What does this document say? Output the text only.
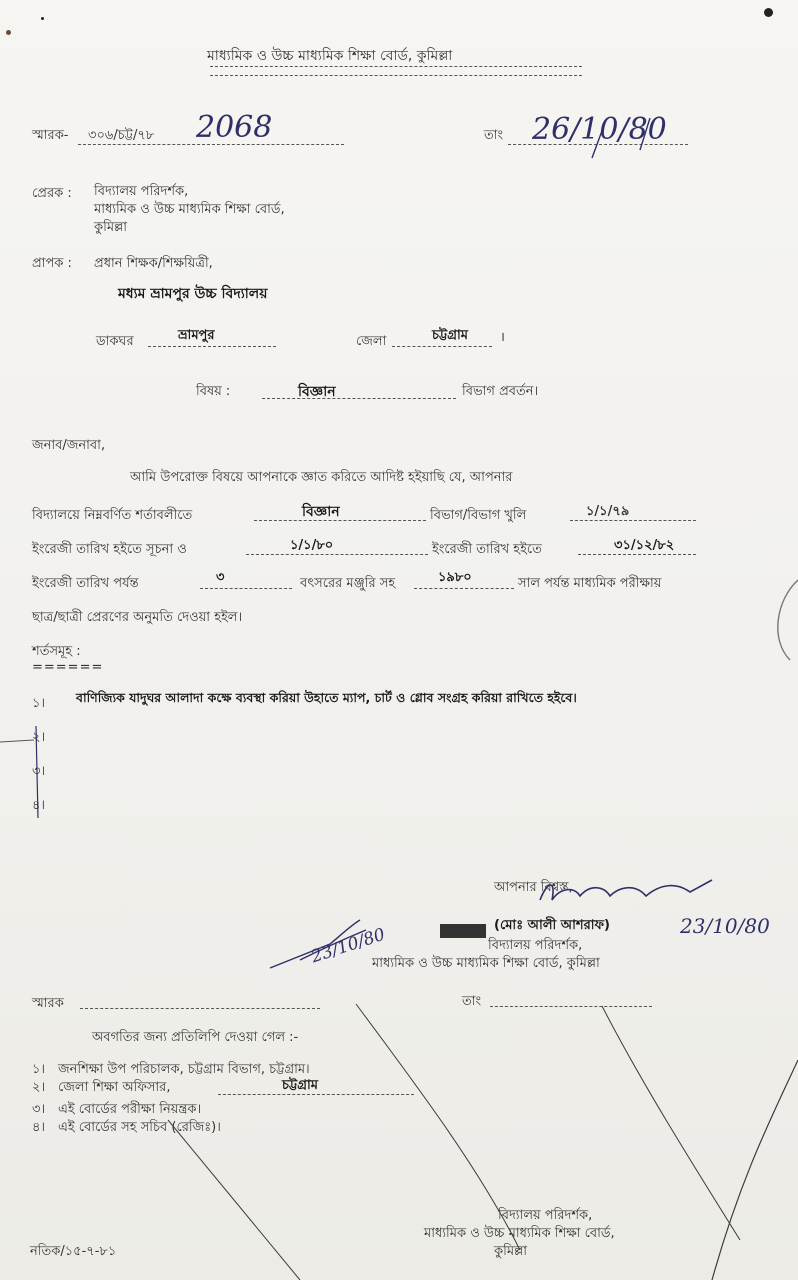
মাধ্যমিক ও উচ্চ মাধ্যমিক শিক্ষা বোর্ড, কুমিল্লা
স্মারক- ৩০৬/চট্ট/৭৮ 2068	তাং 26/10/80
প্রেরক : বিদ্যালয় পরিদর্শক,
মাধ্যমিক ও উচ্চ মাধ্যমিক শিক্ষা বোর্ড,
কুমিল্লা
প্রাপক : প্রধান শিক্ষক/শিক্ষয়িত্রী,
মধ্যম ভ্রামপুর উচ্চ বিদ্যালয়
ডাকঘর	ভ্রামপুর	জেলা	চট্টগ্রাম ।
বিষয় :	বিজ্ঞান	বিভাগ প্রবর্তন।
জনাব/জনাবা,
আমি উপরোক্ত বিষয়ে আপনাকে জ্ঞাত করিতে আদিষ্ট হইয়াছি যে, আপনার
বিদ্যালয়ে নিম্নবর্ণিত শর্তাবলীতে	বিজ্ঞান	বিভাগ/বিভাগ খুলি	১/১/৭৯
ইংরেজী তারিখ হইতে সূচনা ও	১/১/৮০	ইংরেজী তারিখ হইতে	৩১/১২/৮২
ইংরেজী তারিখ পর্যন্ত	৩	বৎসরের মঞ্জুরি সহ	১৯৮০	সাল পর্যন্ত মাধ্যমিক পরীক্ষায়
ছাত্র/ছাত্রী প্রেরণের অনুমতি দেওয়া হইল।
শর্তসমূহ :
======
১। বাণিজ্যিক যাদুঘর আলাদা কক্ষে ব্যবস্থা করিয়া উহাতে ম্যাপ, চার্ট ও গ্লোব সংগ্রহ করিয়া রাখিতে হইবে।
২।
৩।
৪।
আপনার বিশ্বস্ত,
(মোঃ আলী আশরাফ)
বিদ্যালয় পরিদর্শক,
মাধ্যমিক ও উচ্চ মাধ্যমিক শিক্ষা বোর্ড, কুমিল্লা
23/10/80
23/10/80
স্মারক	তাং
অবগতির জন্য প্রতিলিপি দেওয়া গেল :-
১। জনশিক্ষা উপ পরিচালক, চট্টগ্রাম বিভাগ, চট্টগ্রাম।
২। জেলা শিক্ষা অফিসার,	চট্টগ্রাম
৩। এই বোর্ডের পরীক্ষা নিয়ন্ত্রক।
৪। এই বোর্ডের সহ সচিব (রেজিঃ)।
বিদ্যালয় পরিদর্শক,
মাধ্যমিক ও উচ্চ মাধ্যমিক শিক্ষা বোর্ড,
কুমিল্লা
নতিক/১৫-৭-৮১
